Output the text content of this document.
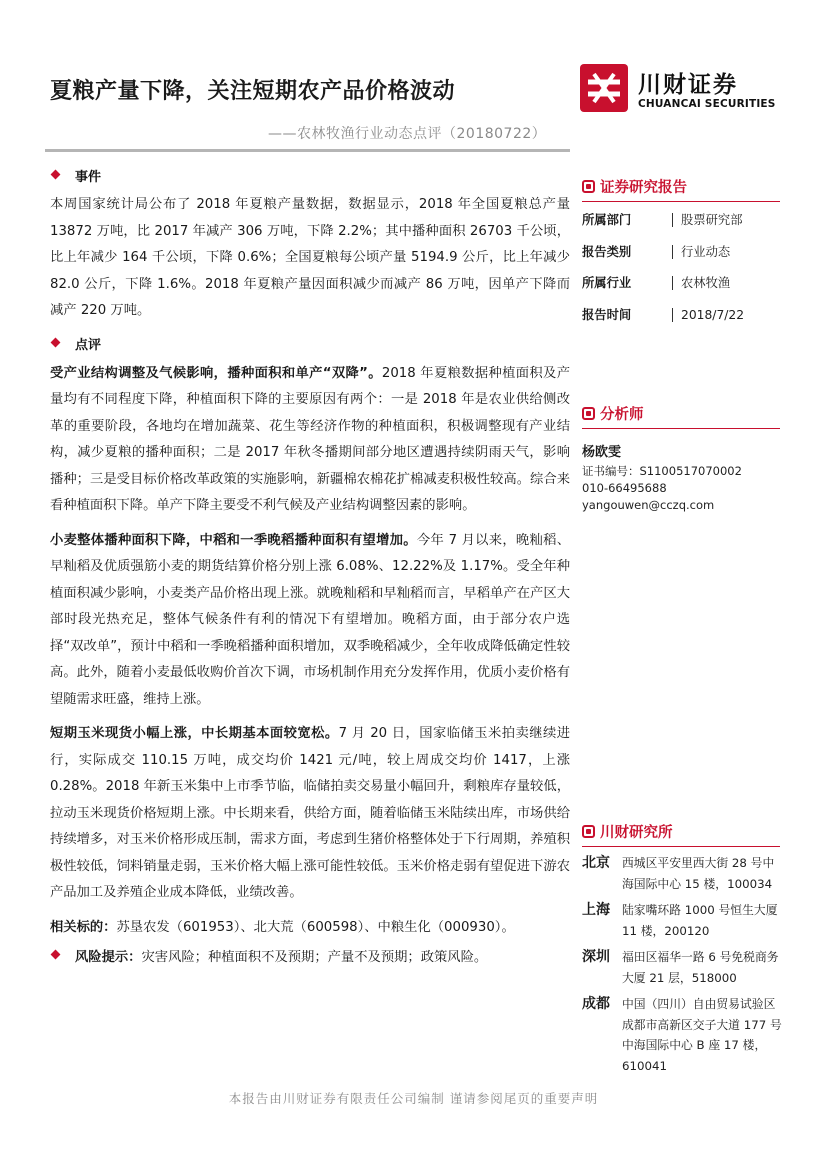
夏粮产量下降，关注短期农产品价格波动
——农林牧渔行业动态点评（20180722）
川财证券
CHUANCAI SECURITIES
事件

本周国家统计局公布了 2018 年夏粮产量数据，数据显示，2018 年全国夏粮总产量 13872 万吨，比 2017 年减产 306 万吨，下降 2.2%；其中播种面积 26703 千公顷，比上年减少 164 千公顷，下降 0.6%；全国夏粮每公顷产量 5194.9 公斤，比上年减少 82.0 公斤，下降 1.6%。2018 年夏粮产量因面积减少而减产 86 万吨，因单产下降而减产 220 万吨。

点评

受产业结构调整及气候影响，播种面积和单产“双降”。2018 年夏粮数据种植面积及产量均有不同程度下降，种植面积下降的主要原因有两个：一是 2018 年是农业供给侧改革的重要阶段，各地均在增加蔬菜、花生等经济作物的种植面积，积极调整现有产业结构，减少夏粮的播种面积；二是 2017 年秋冬播期间部分地区遭遇持续阴雨天气，影响播种；三是受目标价格改革政策的实施影响，新疆棉农棉花扩棉减麦积极性较高。综合来看种植面积下降。单产下降主要受不利气候及产业结构调整因素的影响。

小麦整体播种面积下降，中稻和一季晚稻播种面积有望增加。今年 7 月以来，晚籼稻、早籼稻及优质强筋小麦的期货结算价格分别上涨 6.08%、12.22%及 1.17%。受全年种植面积减少影响，小麦类产品价格出现上涨。就晚籼稻和早籼稻而言，早稻单产在产区大部时段光热充足，整体气候条件有利的情况下有望增加。晚稻方面，由于部分农户选择“双改单”，预计中稻和一季晚稻播种面积增加，双季晚稻减少，全年收成降低确定性较高。此外，随着小麦最低收购价首次下调，市场机制作用充分发挥作用，优质小麦价格有望随需求旺盛，维持上涨。

短期玉米现货小幅上涨，中长期基本面较宽松。7 月 20 日，国家临储玉米拍卖继续进行，实际成交 110.15 万吨，成交均价 1421 元/吨，较上周成交均价 1417，上涨 0.28%。2018 年新玉米集中上市季节临，临储拍卖交易量小幅回升，剩粮库存量较低，拉动玉米现货价格短期上涨。中长期来看，供给方面，随着临储玉米陆续出库，市场供给持续增多，对玉米价格形成压制，需求方面，考虑到生猪价格整体处于下行周期，养殖积极性较低，饲料销量走弱，玉米价格大幅上涨可能性较低。玉米价格走弱有望促进下游农产品加工及养殖企业成本降低，业绩改善。

相关标的：苏垦农发（601953）、北大荒（600598）、中粮生化（000930）。

风险提示： 灾害风险；种植面积不及预期；产量不及预期；政策风险。
证券研究报告
所属部门	股票研究部
报告类别	行业动态
所属行业	农林牧渔
报告时间	2018/7/22
分析师
杨欧雯
证书编号：S1100517070002
010-66495688
yangouwen@cczq.com
川财研究所
北京	西城区平安里西大街 28 号中海国际中心 15 楼，100034
上海	陆家嘴环路 1000 号恒生大厦 11 楼，200120
深圳	福田区福华一路 6 号免税商务大厦 21 层，518000
成都	中国（四川）自由贸易试验区成都市高新区交子大道 177 号中海国际中心 B 座 17 楼，610041
本报告由川财证券有限责任公司编制 谨请参阅尾页的重要声明
